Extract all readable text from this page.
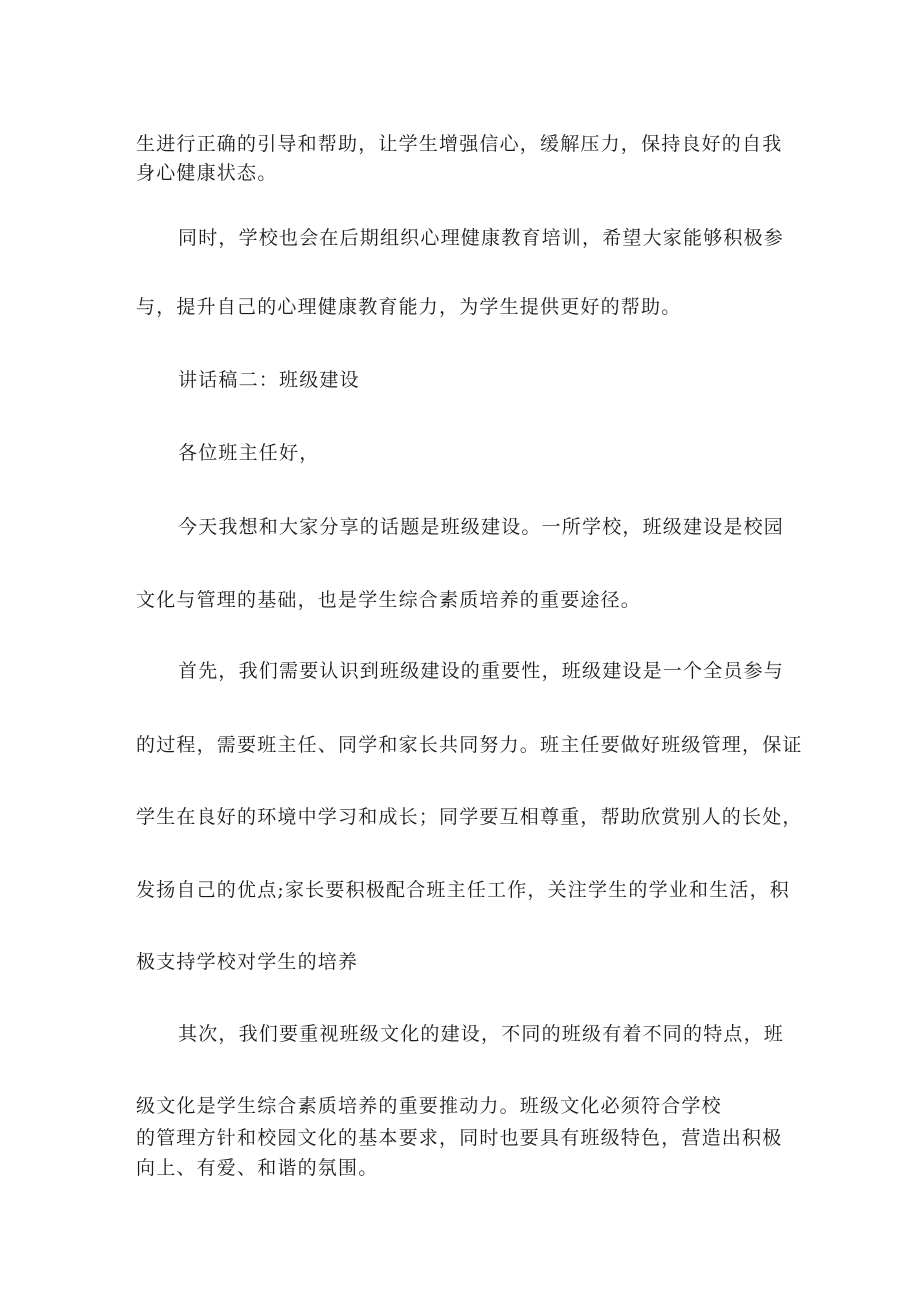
生进行正确的引导和帮助，让学生增强信心，缓解压力，保持良好的自我
身心健康状态。
同时，学校也会在后期组织心理健康教育培训，希望大家能够积极参
与，提升自己的心理健康教育能力，为学生提供更好的帮助。
讲话稿二：班级建设
各位班主任好，
今天我想和大家分享的话题是班级建设。一所学校，班级建设是校园
文化与管理的基础，也是学生综合素质培养的重要途径。
首先，我们需要认识到班级建设的重要性，班级建设是一个全员参与
的过程，需要班主任、同学和家长共同努力。班主任要做好班级管理，保证
学生在良好的环境中学习和成长；同学要互相尊重，帮助欣赏别人的长处，
发扬自己的优点;家长要积极配合班主任工作，关注学生的学业和生活，积
极支持学校对学生的培养
其次，我们要重视班级文化的建设，不同的班级有着不同的特点，班
级文化是学生综合素质培养的重要推动力。班级文化必须符合学校
的管理方针和校园文化的基本要求，同时也要具有班级特色，营造出积极
向上、有爱、和谐的氛围。
